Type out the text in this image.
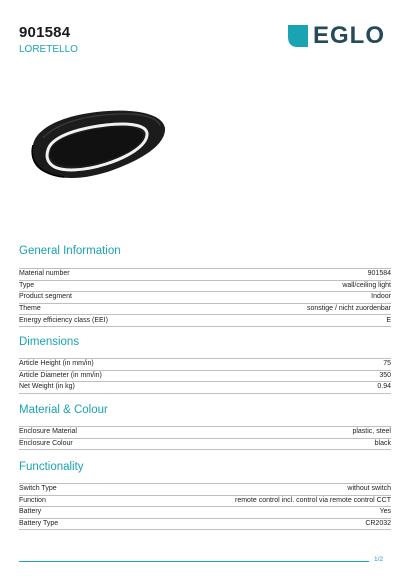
901584
LORETELLO
EGLO
General Information
Material number	901584
Type	wall/ceiling light
Product segment	Indoor
Theme	sonstige / nicht zuordenbar
Energy efficiency class (EEI)	E
Dimensions
Article Height (in mm/in)	75
Article Diameter (in mm/in)	350
Net Weight (in kg)	0.94
Material & Colour
Enclosure Material	plastic, steel
Enclosure Colour	black
Functionality
Switch Type	without switch
Function	remote control incl. control via remote control CCT
Battery	Yes
Battery Type	CR2032
1/2
